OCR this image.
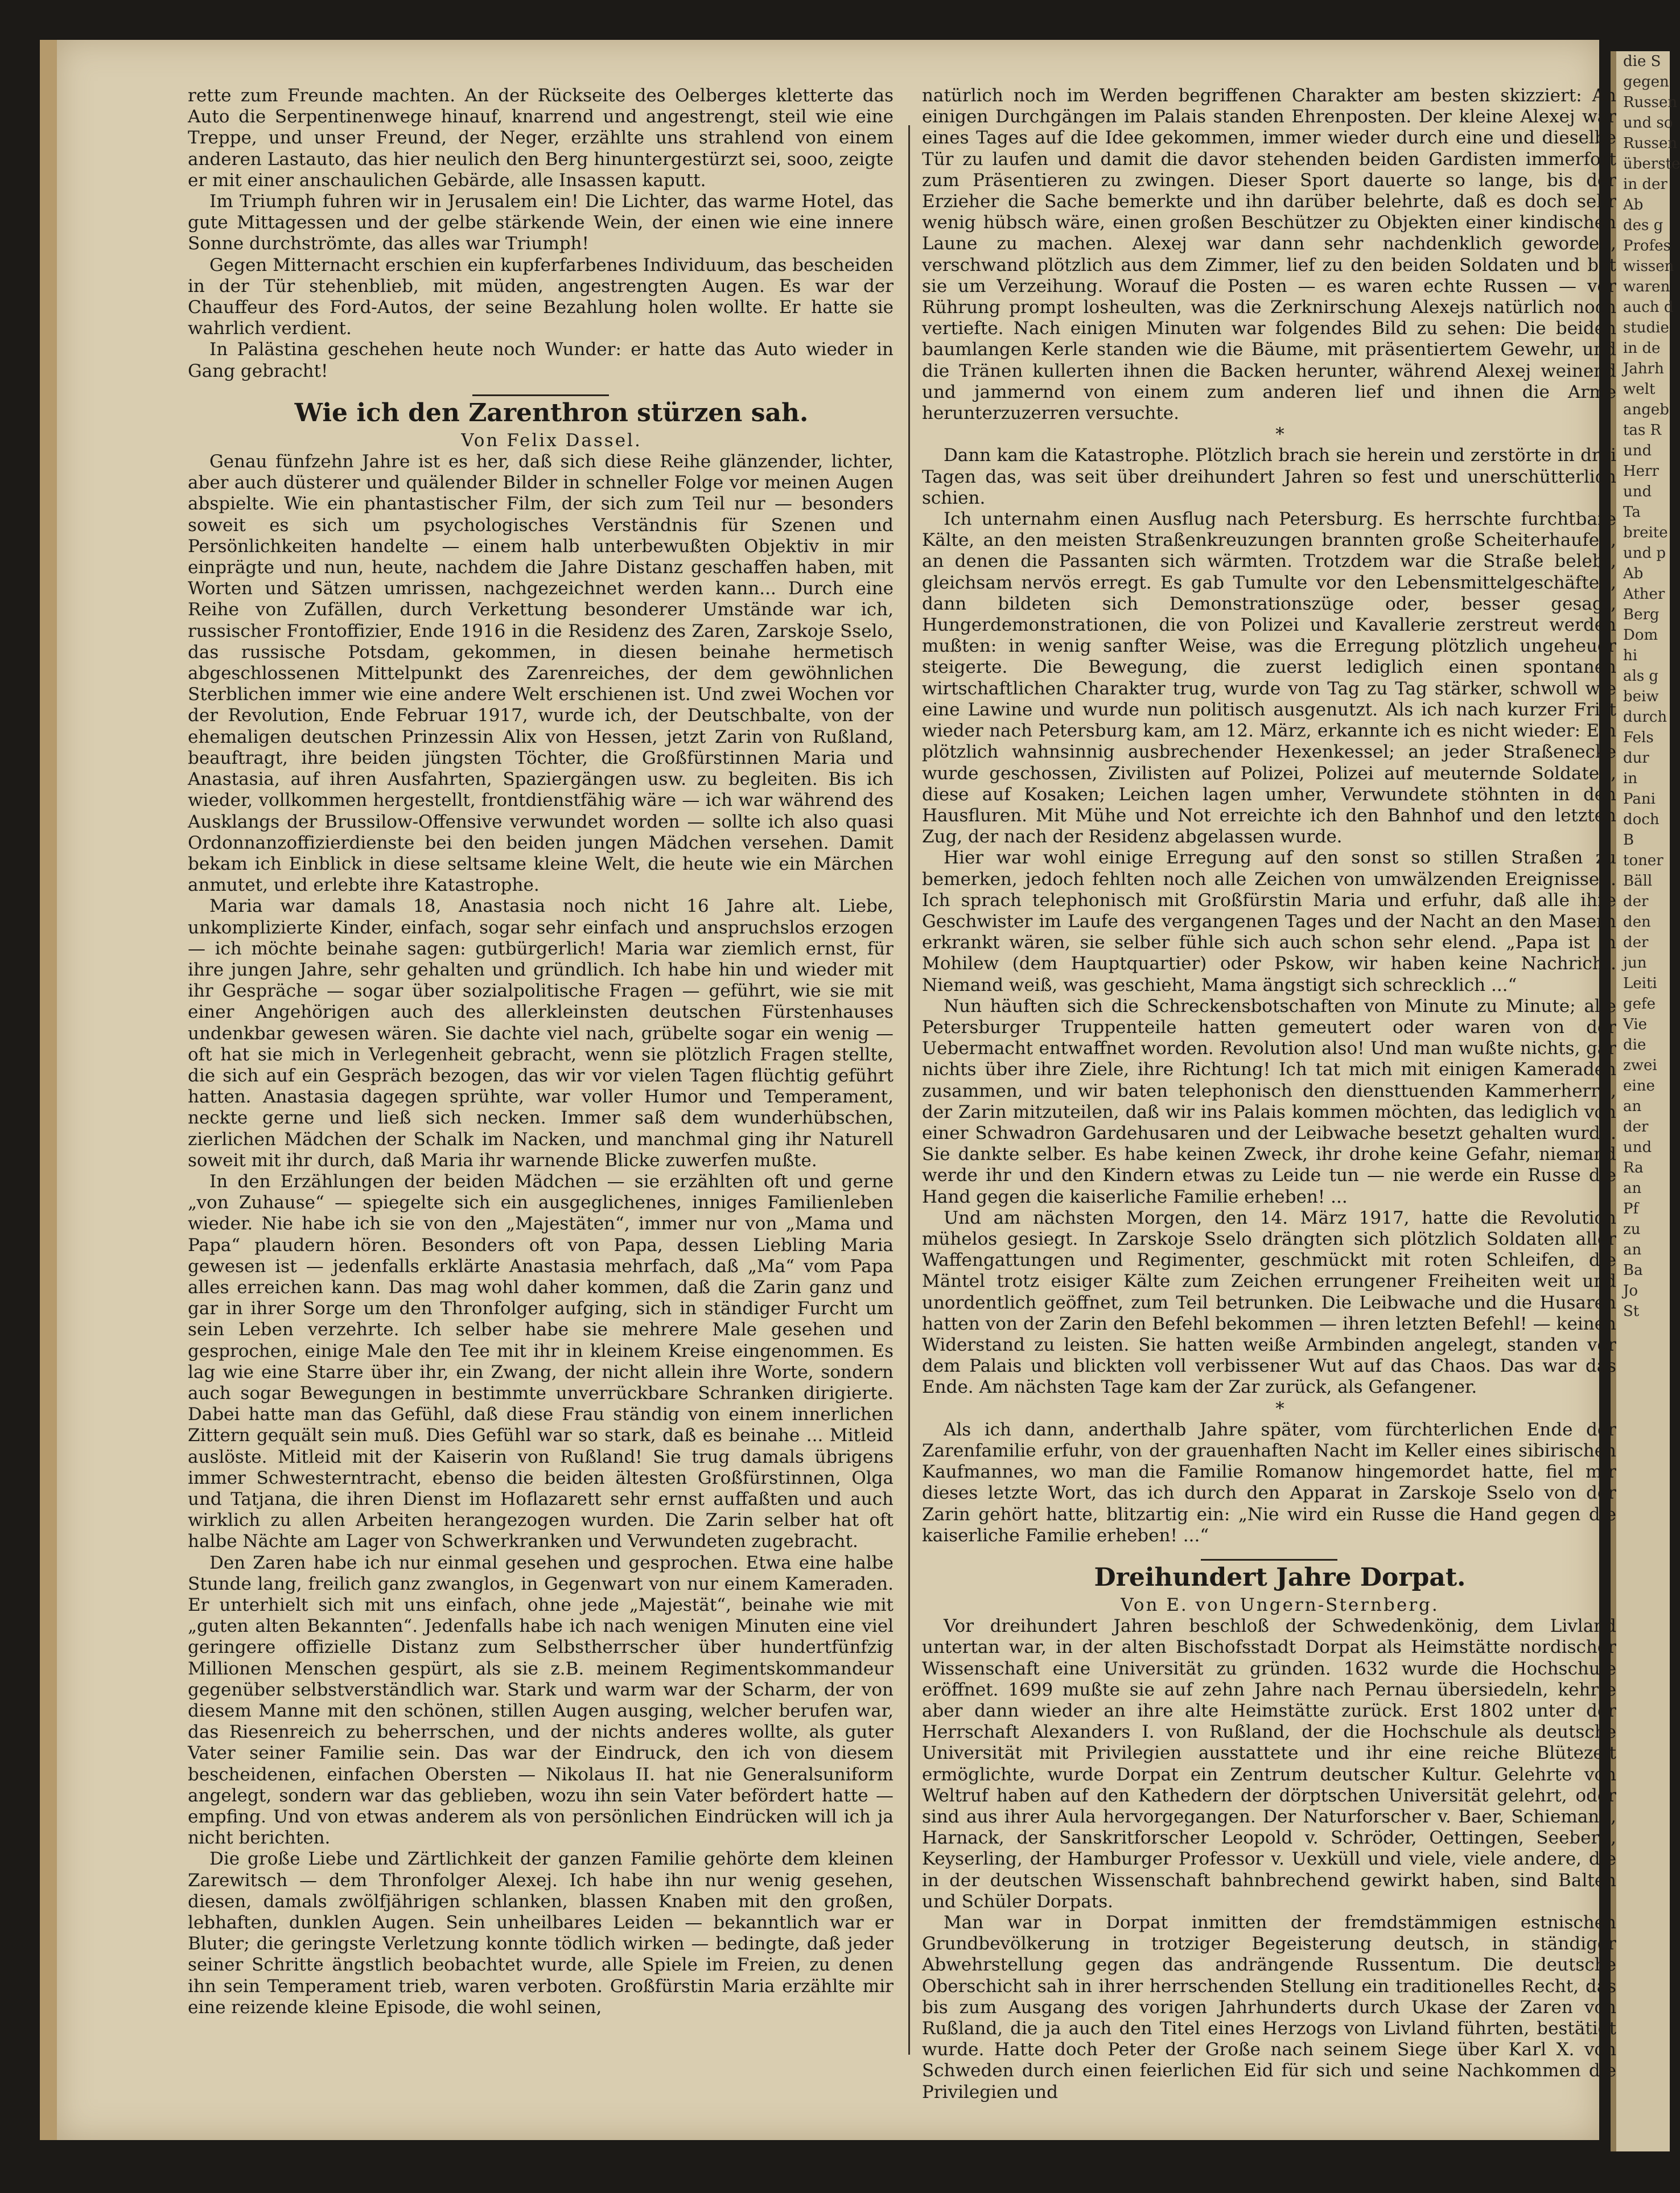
die S
gegen
Russen
und so
Russen
überste
in der
Ab
des g
Profes
wissen
waren
auch d
studie
in de
Jahrh
welt
angeb
tas R
und
Herr
und
Ta
breite
und p
Ab
Ather
Berg
Dom
hi
als g
beiw
durch
Fels
dur
in
Pani
doch
B
toner
Bäll
der
den
der
jun
Leiti
gefe
Vie
die
zwei
eine
an
der
und
Ra
an
Pf
zu
an
Ba
Jo
St

rette zum Freunde machten. An der Rückseite des Oelberges kletterte das Auto die Serpentinenwege hinauf, knarrend und angestrengt, steil wie eine Treppe, und unser Freund, der Neger, erzählte uns strahlend von einem anderen Lastauto, das hier neulich den Berg hinuntergestürzt sei, sooo, zeigte er mit einer anschaulichen Gebärde, alle Insassen kaputt.

Im Triumph fuhren wir in Jerusalem ein! Die Lichter, das warme Hotel, das gute Mittagessen und der gelbe stärkende Wein, der einen wie eine innere Sonne durchströmte, das alles war Triumph!

Gegen Mitternacht erschien ein kupferfarbenes Individuum, das bescheiden in der Tür stehenblieb, mit müden, angestrengten Augen. Es war der Chauffeur des Ford-Autos, der seine Bezahlung holen wollte. Er hatte sie wahrlich verdient.

In Palästina geschehen heute noch Wunder: er hatte das Auto wieder in Gang gebracht!

Wie ich den Zarenthron stürzen sah.

Von Felix Dassel.

Genau fünfzehn Jahre ist es her, daß sich diese Reihe glänzender, lichter, aber auch düsterer und quälender Bilder in schneller Folge vor meinen Augen abspielte. Wie ein phantastischer Film, der sich zum Teil nur — besonders soweit es sich um psychologisches Verständnis für Szenen und Persönlichkeiten handelte — einem halb unterbewußten Objektiv in mir einprägte und nun, heute, nachdem die Jahre Distanz geschaffen haben, mit Worten und Sätzen umrissen, nachgezeichnet werden kann... Durch eine Reihe von Zufällen, durch Verkettung besonderer Umstände war ich, russischer Frontoffizier, Ende 1916 in die Residenz des Zaren, Zarskoje Sselo, das russische Potsdam, gekommen, in diesen beinahe hermetisch abgeschlossenen Mittelpunkt des Zarenreiches, der dem gewöhnlichen Sterblichen immer wie eine andere Welt erschienen ist. Und zwei Wochen vor der Revolution, Ende Februar 1917, wurde ich, der Deutschbalte, von der ehemaligen deutschen Prinzessin Alix von Hessen, jetzt Zarin von Rußland, beauftragt, ihre beiden jüngsten Töchter, die Großfürstinnen Maria und Anastasia, auf ihren Ausfahrten, Spaziergängen usw. zu begleiten. Bis ich wieder, vollkommen hergestellt, frontdienstfähig wäre — ich war während des Ausklangs der Brussilow-Offensive verwundet worden — sollte ich also quasi Ordonnanzoffizierdienste bei den beiden jungen Mädchen versehen. Damit bekam ich Einblick in diese seltsame kleine Welt, die heute wie ein Märchen anmutet, und erlebte ihre Katastrophe.

Maria war damals 18, Anastasia noch nicht 16 Jahre alt. Liebe, unkomplizierte Kinder, einfach, sogar sehr einfach und anspruchslos erzogen — ich möchte beinahe sagen: gutbürgerlich! Maria war ziemlich ernst, für ihre jungen Jahre, sehr gehalten und gründlich. Ich habe hin und wieder mit ihr Gespräche — sogar über sozialpolitische Fragen — geführt, wie sie mit einer Angehörigen auch des allerkleinsten deutschen Fürstenhauses undenkbar gewesen wären. Sie dachte viel nach, grübelte sogar ein wenig — oft hat sie mich in Verlegenheit gebracht, wenn sie plötzlich Fragen stellte, die sich auf ein Gespräch bezogen, das wir vor vielen Tagen flüchtig geführt hatten. Anastasia dagegen sprühte, war voller Humor und Temperament, neckte gerne und ließ sich necken. Immer saß dem wunderhübschen, zierlichen Mädchen der Schalk im Nacken, und manchmal ging ihr Naturell soweit mit ihr durch, daß Maria ihr warnende Blicke zuwerfen mußte.

In den Erzählungen der beiden Mädchen — sie erzählten oft und gerne „von Zuhause“ — spiegelte sich ein ausgeglichenes, inniges Familienleben wieder. Nie habe ich sie von den „Majestäten“, immer nur von „Mama und Papa“ plaudern hören. Besonders oft von Papa, dessen Liebling Maria gewesen ist — jedenfalls erklärte Anastasia mehrfach, daß „Ma“ vom Papa alles erreichen kann. Das mag wohl daher kommen, daß die Zarin ganz und gar in ihrer Sorge um den Thronfolger aufging, sich in ständiger Furcht um sein Leben verzehrte. Ich selber habe sie mehrere Male gesehen und gesprochen, einige Male den Tee mit ihr in kleinem Kreise eingenommen. Es lag wie eine Starre über ihr, ein Zwang, der nicht allein ihre Worte, sondern auch sogar Bewegungen in bestimmte unverrückbare Schranken dirigierte. Dabei hatte man das Gefühl, daß diese Frau ständig von einem innerlichen Zittern gequält sein muß. Dies Gefühl war so stark, daß es beinahe ... Mitleid auslöste. Mitleid mit der Kaiserin von Rußland! Sie trug damals übrigens immer Schwesterntracht, ebenso die beiden ältesten Großfürstinnen, Olga und Tatjana, die ihren Dienst im Hoflazarett sehr ernst auffaßten und auch wirklich zu allen Arbeiten herangezogen wurden. Die Zarin selber hat oft halbe Nächte am Lager von Schwerkranken und Verwundeten zugebracht.

Den Zaren habe ich nur einmal gesehen und gesprochen. Etwa eine halbe Stunde lang, freilich ganz zwanglos, in Gegenwart von nur einem Kameraden. Er unterhielt sich mit uns einfach, ohne jede „Majestät“, beinahe wie mit „guten alten Bekannten“. Jedenfalls habe ich nach wenigen Minuten eine viel geringere offizielle Distanz zum Selbstherrscher über hundertfünfzig Millionen Menschen gespürt, als sie z.B. meinem Regimentskommandeur gegenüber selbstverständlich war. Stark und warm war der Scharm, der von diesem Manne mit den schönen, stillen Augen ausging, welcher berufen war, das Riesenreich zu beherrschen, und der nichts anderes wollte, als guter Vater seiner Familie sein. Das war der Eindruck, den ich von diesem bescheidenen, einfachen Obersten — Nikolaus II. hat nie Generalsuniform angelegt, sondern war das geblieben, wozu ihn sein Vater befördert hatte — empfing. Und von etwas anderem als von persönlichen Eindrücken will ich ja nicht berichten.

Die große Liebe und Zärtlichkeit der ganzen Familie gehörte dem kleinen Zarewitsch — dem Thronfolger Alexej. Ich habe ihn nur wenig gesehen, diesen, damals zwölfjährigen schlanken, blassen Knaben mit den großen, lebhaften, dunklen Augen. Sein unheilbares Leiden — bekanntlich war er Bluter; die geringste Verletzung konnte tödlich wirken — bedingte, daß jeder seiner Schritte ängstlich beobachtet wurde, alle Spiele im Freien, zu denen ihn sein Temperament trieb, waren verboten. Großfürstin Maria erzählte mir eine reizende kleine Episode, die wohl seinen,

natürlich noch im Werden begriffenen Charakter am besten skizziert: An einigen Durchgängen im Palais standen Ehrenposten. Der kleine Alexej war eines Tages auf die Idee gekommen, immer wieder durch eine und dieselbe Tür zu laufen und damit die davor stehenden beiden Gardisten immerfort zum Präsentieren zu zwingen. Dieser Sport dauerte so lange, bis der Erzieher die Sache bemerkte und ihn darüber belehrte, daß es doch sehr wenig hübsch wäre, einen großen Beschützer zu Objekten einer kindischen Laune zu machen. Alexej war dann sehr nachdenklich geworden, verschwand plötzlich aus dem Zimmer, lief zu den beiden Soldaten und bat sie um Verzeihung. Worauf die Posten — es waren echte Russen — vor Rührung prompt losheulten, was die Zerknirschung Alexejs natürlich noch vertiefte. Nach einigen Minuten war folgendes Bild zu sehen: Die beiden baumlangen Kerle standen wie die Bäume, mit präsentiertem Gewehr, und die Tränen kullerten ihnen die Backen herunter, während Alexej weinend und jammernd von einem zum anderen lief und ihnen die Arme herunterzuzerren versuchte.

*

Dann kam die Katastrophe. Plötzlich brach sie herein und zerstörte in drei Tagen das, was seit über dreihundert Jahren so fest und unerschütterlich schien.

Ich unternahm einen Ausflug nach Petersburg. Es herrschte furchtbare Kälte, an den meisten Straßenkreuzungen brannten große Scheiterhaufen, an denen die Passanten sich wärmten. Trotzdem war die Straße belebt, gleichsam nervös erregt. Es gab Tumulte vor den Lebensmittelgeschäften, dann bildeten sich Demonstrationszüge oder, besser gesagt, Hungerdemonstrationen, die von Polizei und Kavallerie zerstreut werden mußten: in wenig sanfter Weise, was die Erregung plötzlich ungeheuer steigerte. Die Bewegung, die zuerst lediglich einen spontanen wirtschaftlichen Charakter trug, wurde von Tag zu Tag stärker, schwoll wie eine Lawine und wurde nun politisch ausgenutzt. Als ich nach kurzer Frist wieder nach Petersburg kam, am 12. März, erkannte ich es nicht wieder: Ein plötzlich wahnsinnig ausbrechender Hexenkessel; an jeder Straßenecke wurde geschossen, Zivilisten auf Polizei, Polizei auf meuternde Soldaten, diese auf Kosaken; Leichen lagen umher, Verwundete stöhnten in den Hausfluren. Mit Mühe und Not erreichte ich den Bahnhof und den letzten Zug, der nach der Residenz abgelassen wurde.

Hier war wohl einige Erregung auf den sonst so stillen Straßen zu bemerken, jedoch fehlten noch alle Zeichen von umwälzenden Ereignissen. Ich sprach telephonisch mit Großfürstin Maria und erfuhr, daß alle ihre Geschwister im Laufe des vergangenen Tages und der Nacht an den Masern erkrankt wären, sie selber fühle sich auch schon sehr elend. „Papa ist in Mohilew (dem Hauptquartier) oder Pskow, wir haben keine Nachricht. Niemand weiß, was geschieht, Mama ängstigt sich schrecklich ...“

Nun häuften sich die Schreckensbotschaften von Minute zu Minute; alle Petersburger Truppenteile hatten gemeutert oder waren von der Uebermacht entwaffnet worden. Revolution also! Und man wußte nichts, gar nichts über ihre Ziele, ihre Richtung! Ich tat mich mit einigen Kameraden zusammen, und wir baten telephonisch den diensttuenden Kammerherrn, der Zarin mitzuteilen, daß wir ins Palais kommen möchten, das lediglich von einer Schwadron Gardehusaren und der Leibwache besetzt gehalten wurde. Sie dankte selber. Es habe keinen Zweck, ihr drohe keine Gefahr, niemand werde ihr und den Kindern etwas zu Leide tun — nie werde ein Russe die Hand gegen die kaiserliche Familie erheben! ...

Und am nächsten Morgen, den 14. März 1917, hatte die Revolution mühelos gesiegt. In Zarskoje Sselo drängten sich plötzlich Soldaten aller Waffengattungen und Regimenter, geschmückt mit roten Schleifen, die Mäntel trotz eisiger Kälte zum Zeichen errungener Freiheiten weit und unordentlich geöffnet, zum Teil betrunken. Die Leibwache und die Husaren hatten von der Zarin den Befehl bekommen — ihren letzten Befehl! — keinen Widerstand zu leisten. Sie hatten weiße Armbinden angelegt, standen vor dem Palais und blickten voll verbissener Wut auf das Chaos. Das war das Ende. Am nächsten Tage kam der Zar zurück, als Gefangener.

*

Als ich dann, anderthalb Jahre später, vom fürchterlichen Ende der Zarenfamilie erfuhr, von der grauenhaften Nacht im Keller eines sibirischen Kaufmannes, wo man die Familie Romanow hingemordet hatte, fiel mir dieses letzte Wort, das ich durch den Apparat in Zarskoje Sselo von der Zarin gehört hatte, blitzartig ein: „Nie wird ein Russe die Hand gegen die kaiserliche Familie erheben! ...“

Dreihundert Jahre Dorpat.

Von E. von Ungern-Sternberg.

Vor dreihundert Jahren beschloß der Schwedenkönig, dem Livland untertan war, in der alten Bischofsstadt Dorpat als Heimstätte nordischer Wissenschaft eine Universität zu gründen. 1632 wurde die Hochschule eröffnet. 1699 mußte sie auf zehn Jahre nach Pernau übersiedeln, kehrte aber dann wieder an ihre alte Heimstätte zurück. Erst 1802 unter der Herrschaft Alexanders I. von Rußland, der die Hochschule als deutsche Universität mit Privilegien ausstattete und ihr eine reiche Blütezeit ermöglichte, wurde Dorpat ein Zentrum deutscher Kultur. Gelehrte von Weltruf haben auf den Kathedern der dörptschen Universität gelehrt, oder sind aus ihrer Aula hervorgegangen. Der Naturforscher v. Baer, Schiemann, Harnack, der Sanskritforscher Leopold v. Schröder, Oettingen, Seeberg, Keyserling, der Hamburger Professor v. Uexküll und viele, viele andere, die in der deutschen Wissenschaft bahnbrechend gewirkt haben, sind Balten und Schüler Dorpats.

Man war in Dorpat inmitten der fremdstämmigen estnischen Grundbevölkerung in trotziger Begeisterung deutsch, in ständiger Abwehrstellung gegen das andrängende Russentum. Die deutsche Oberschicht sah in ihrer herrschenden Stellung ein traditionelles Recht, das bis zum Ausgang des vorigen Jahrhunderts durch Ukase der Zaren von Rußland, die ja auch den Titel eines Herzogs von Livland führten, bestätigt wurde. Hatte doch Peter der Große nach seinem Siege über Karl X. von Schweden durch einen feierlichen Eid für sich und seine Nachkommen die Privilegien und
